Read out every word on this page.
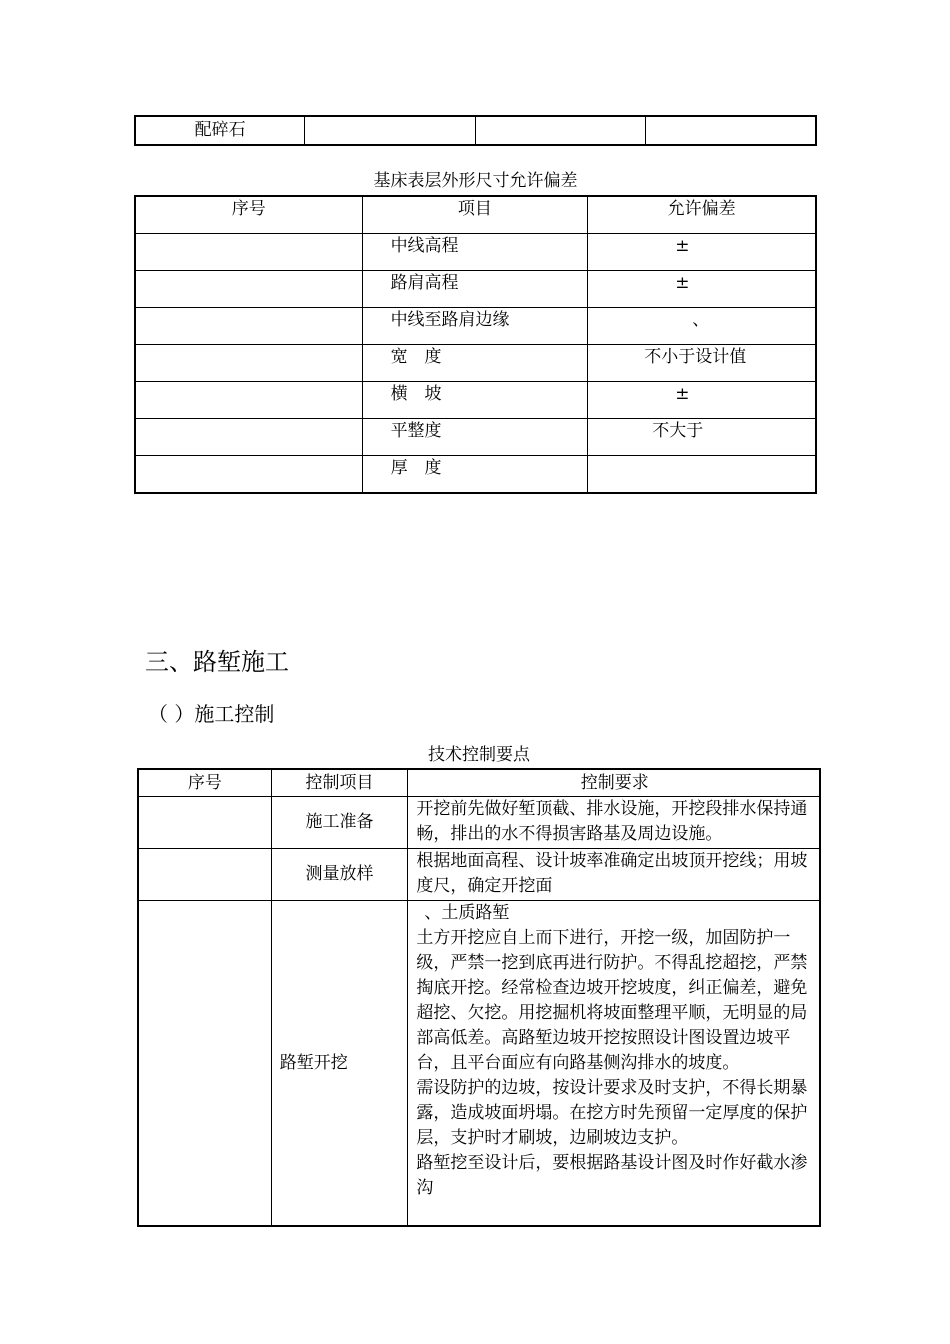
配碎石			
基床表层外形尺寸允许偏差
序号	项目	允许偏差
	中线高程	±
	路肩高程	±
	中线至路肩边缘	、
	宽　度	不小于设计值
	横　坡	±
	平整度	不大于
	厚　度	
三、路堑施工
（ ）施工控制
技术控制要点
序号	控制项目	控制要求
	施工准备	开挖前先做好堑顶截、排水设施，开挖段排水保持通畅，排出的水不得损害路基及周边设施。

	测量放样	根据地面高程、设计坡率准确定出坡顶开挖线；用坡度尺，确定开挖面

	路堑开挖	、土质路堑
土方开挖应自上而下进行，开挖一级，加固防护一级，严禁一挖到底再进行防护。不得乱挖超挖，严禁掏底开挖。经常检查边坡开挖坡度，纠正偏差，避免超挖、欠挖。用挖掘机将坡面整理平顺，无明显的局部高低差。高路堑边坡开挖按照设计图设置边坡平台，且平台面应有向路基侧沟排水的坡度。
需设防护的边坡，按设计要求及时支护，不得长期暴露，造成坡面坍塌。在挖方时先预留一定厚度的保护层，支护时才刷坡，边刷坡边支护。
路堑挖至设计后，要根据路基设计图及时作好截水渗沟
